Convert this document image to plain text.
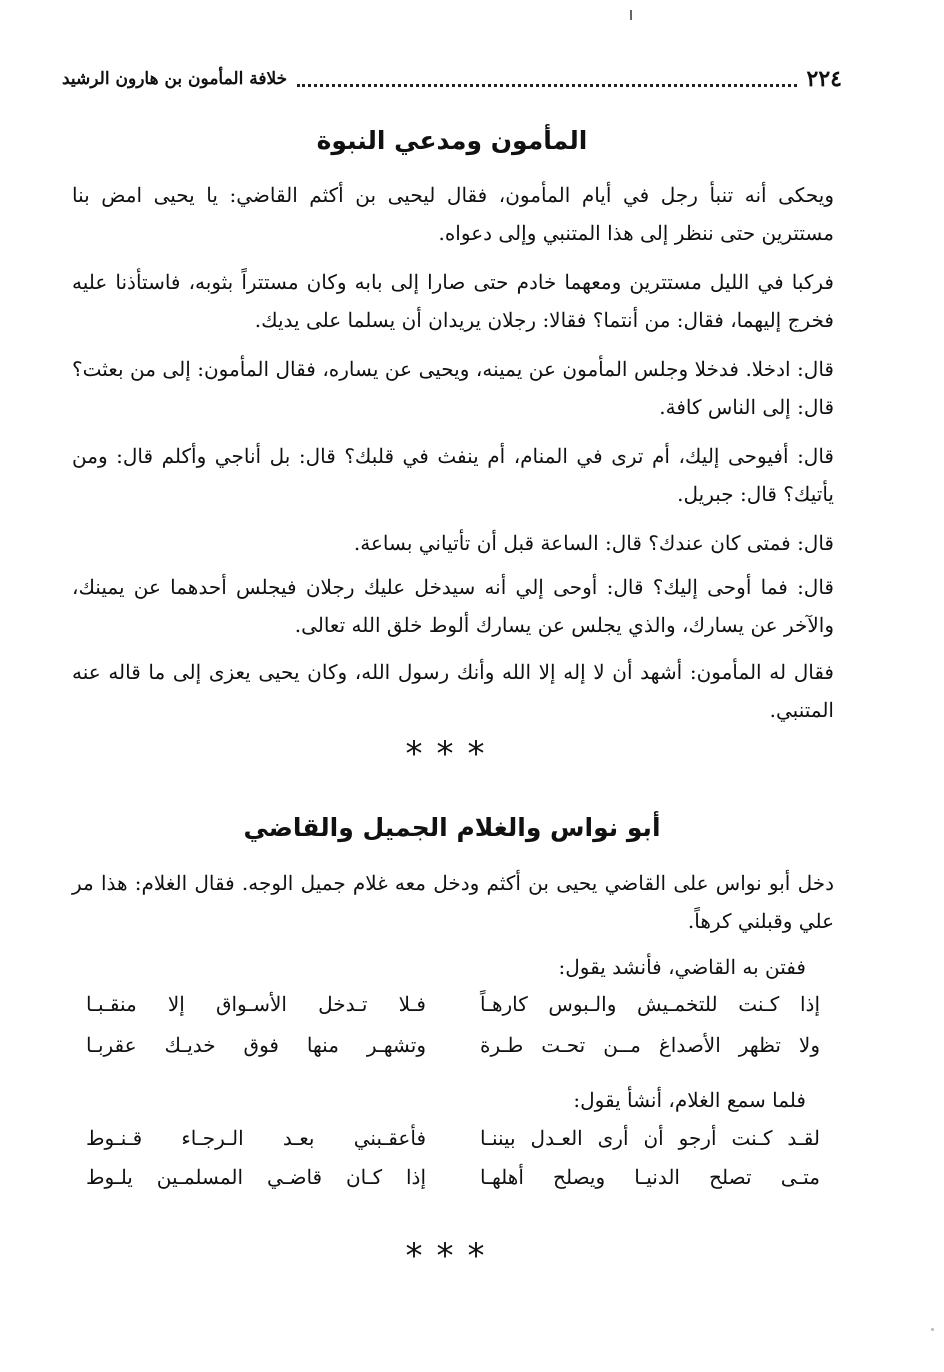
٢٢٤
خلافة المأمون بن هارون الرشيد
المأمون ومدعي النبوة

ويحكى أنه تنبأ رجل في أيام المأمون، فقال ليحيى بن أكثم القاضي: يا يحيى امض بنا مستترين حتى ننظر إلى هذا المتنبي وإلى دعواه.

فركبا في الليل مستترين ومعهما خادم حتى صارا إلى بابه وكان مستتراً بثوبه، فاستأذنا عليه فخرج إليهما، فقال: من أنتما؟ فقالا: رجلان يريدان أن يسلما على يديك.

قال: ادخلا. فدخلا وجلس المأمون عن يمينه، ويحيى عن يساره، فقال المأمون: إلى من بعثت؟ قال: إلى الناس كافة.

قال: أفيوحى إليك، أم ترى في المنام، أم ينفث في قلبك؟ قال: بل أناجي وأكلم قال: ومن يأتيك؟ قال: جبريل.

قال: فمتى كان عندك؟ قال: الساعة قبل أن تأتياني بساعة.

قال: فما أوحى إليك؟ قال: أوحى إلي أنه سيدخل عليك رجلان فيجلس أحدهما عن يمينك، والآخر عن يسارك، والذي يجلس عن يسارك ألوط خلق الله تعالى.

فقال له المأمون: أشهد أن لا إله إلا الله وأنك رسول الله، وكان يحيى يعزى إلى ما قاله عنه المتنبي.

***
أبو نواس والغلام الجميل والقاضي

دخل أبو نواس على القاضي يحيى بن أكثم ودخل معه غلام جميل الوجه. فقال الغلام: هذا مر علي وقبلني كرهاً.

ففتن به القاضي، فأنشد يقول:

إذا كـنت للتخمـيش والـبوس كارهـاً
فـلا تـدخل الأسـواق إلا منقـبـا
ولا تظهر الأصداغ مــن تحـت طـرة
وتشهـر منها فوق خديـك عقربـا

فلما سمع الغلام، أنشأ يقول:

لقـد كـنت أرجو أن أرى العـدل بيننـا
فأعقـبني بعـد الـرجـاء قـنـوط
متـى تصلح الدنيـا ويصلح أهلهـا
إذا كـان قاضـي المسلمـين يلـوط
***
